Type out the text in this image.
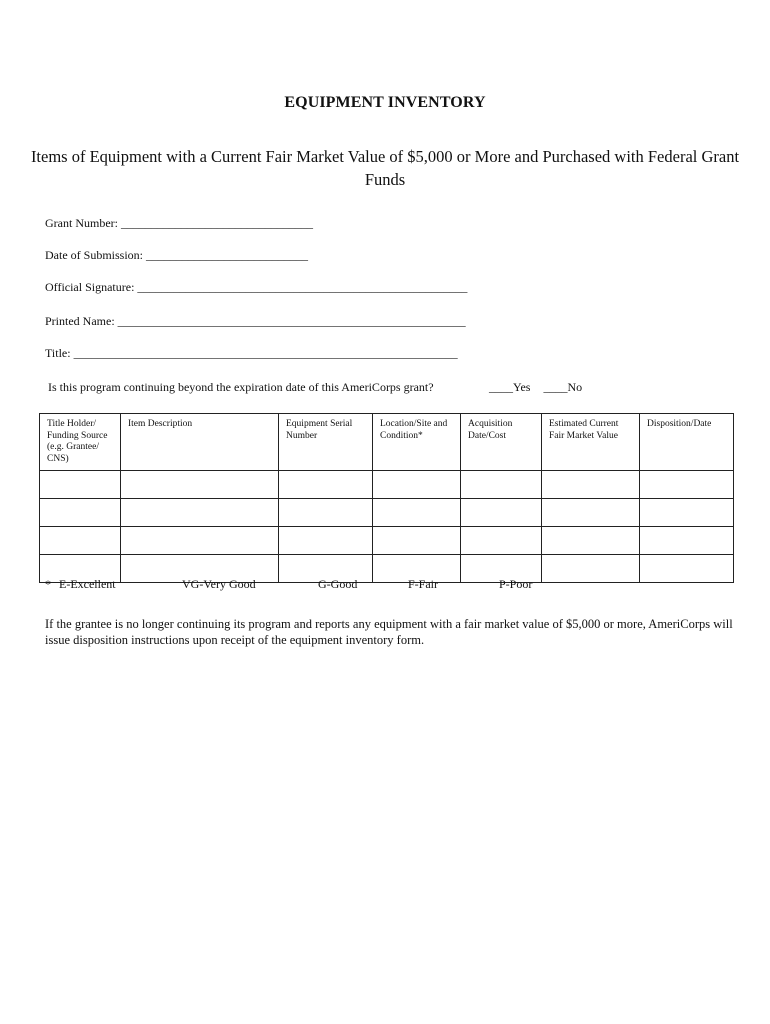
EQUIPMENT INVENTORY
Items of Equipment with a Current Fair Market Value of $5,000 or More and Purchased with Federal Grant Funds
Grant Number: ________________________________
Date of Submission: ___________________________
Official Signature: _______________________________________________________
Printed Name: __________________________________________________________
Title: ________________________________________________________________
Is this program continuing beyond the expiration date of this AmeriCorps grant?	____Yes ____No
Title Holder/ Funding Source (e.g. Grantee/ CNS)	Item Description	Equipment Serial Number	Location/Site and Condition*	Acquisition Date/Cost	Estimated Current Fair Market Value	Disposition/Date

* E-Excellent	VG-Very Good	G-Good	F-Fair	P-Poor
If the grantee is no longer continuing its program and reports any equipment with a fair market value of $5,000 or more, AmeriCorps will issue disposition instructions upon receipt of the equipment inventory form.
